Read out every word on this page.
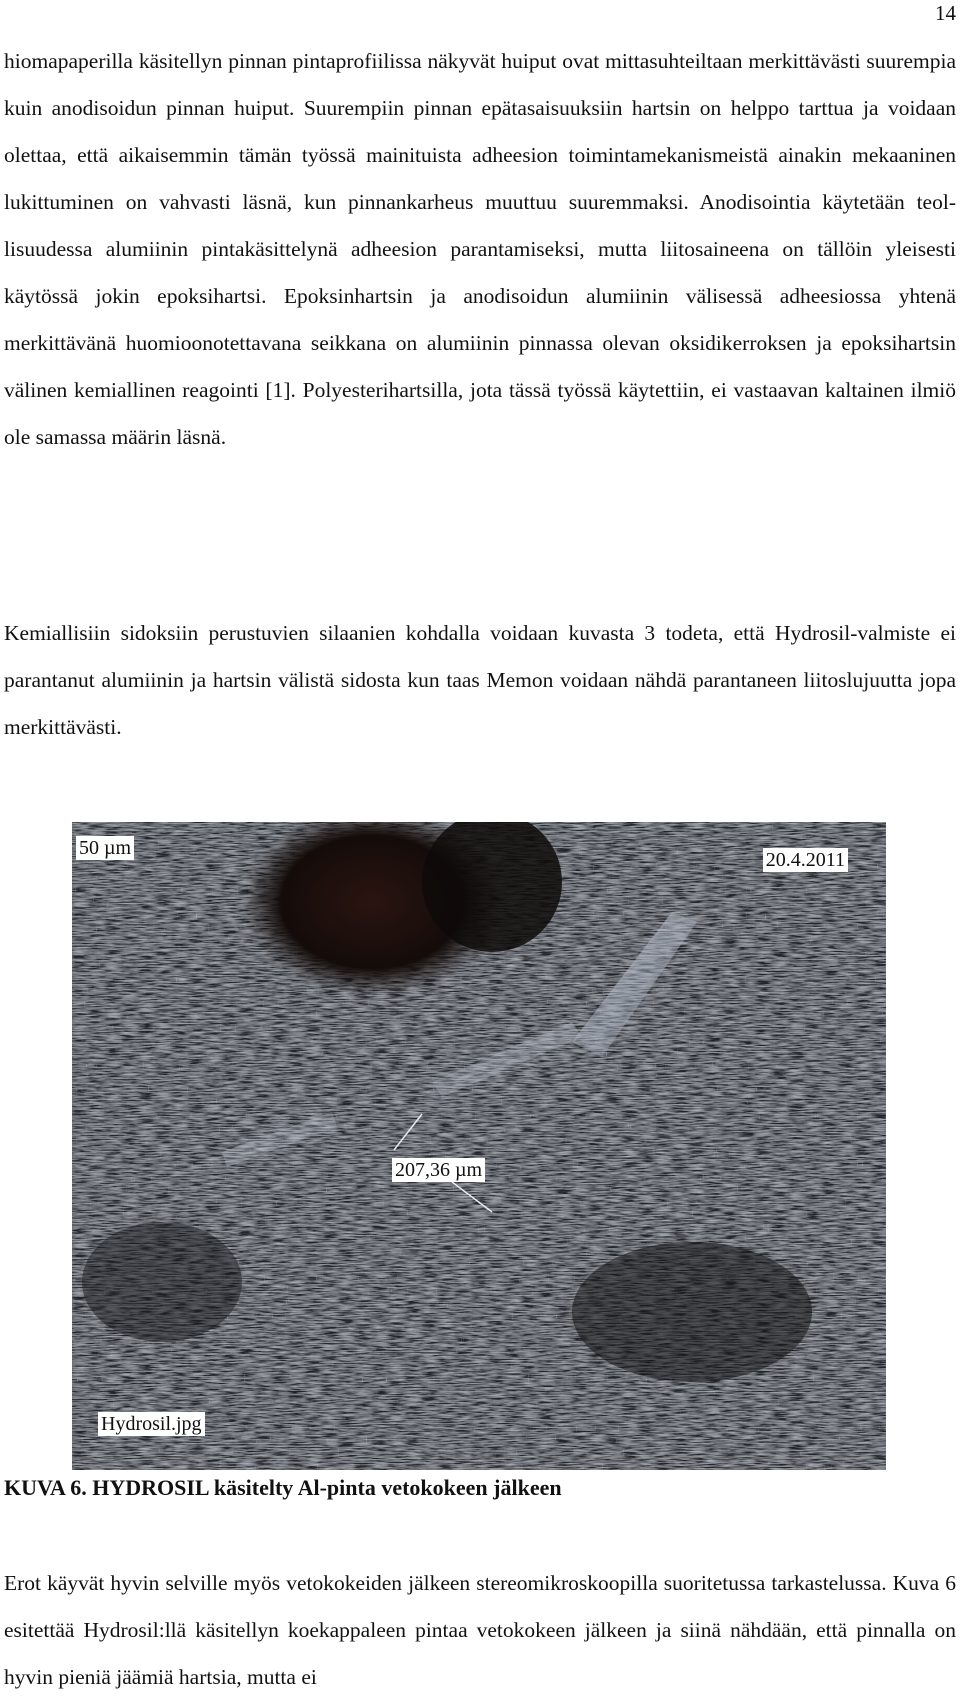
14

hiomapaperilla käsitellyn pinnan pintaprofiilissa näkyvät huiput ovat mittasuhteiltaan merkittävästi suurempia kuin anodisoidun pinnan huiput. Suurempiin pinnan epätasaisuuksiin hartsin on helppo tarttua ja voidaan olettaa, että aikaisemmin tämän työssä mainituista adheesion toimintamekanismeistä ainakin mekaaninen lukittuminen on vahvasti läsnä, kun pinnankarheus muuttuu suuremmaksi. Anodisointia käytetään teollisuudessa alumiinin pintakäsittelynä adheesion parantamiseksi, mutta liitosaineena on tällöin yleisesti käytössä jokin epoksihartsi. Epoksinhartsin ja anodisoidun alumiinin välisessä adheesiossa yhtenä merkittävänä huomioonotettavana seikkana on alumiinin pinnassa olevan oksidikerroksen ja epoksihartsin välinen kemiallinen reagointi [1]. Polyesterihartsilla, jota tässä työssä käytettiin, ei vastaavan kaltainen ilmiö ole samassa määrin läsnä.

Kemiallisiin sidoksiin perustuvien silaanien kohdalla voidaan kuvasta 3 todeta, että Hydrosil-valmiste ei parantanut alumiinin ja hartsin välistä sidosta kun taas Memon voidaan nähdä parantaneen liitoslujuutta jopa merkittävästi.

50 µm
20.4.2011
207,36 µm
Hydrosil.jpg

KUVA 6. HYDROSIL käsitelty Al-pinta vetokokeen jälkeen

Erot käyvät hyvin selville myös vetokokeiden jälkeen stereomikroskoopilla suoritetussa tarkastelussa. Kuva 6 esitettää Hydrosil:llä käsitellyn koekappaleen pintaa vetokokeen jälkeen ja siinä nähdään, että pinnalla on hyvin pieniä jäämiä hartsia, mutta ei
